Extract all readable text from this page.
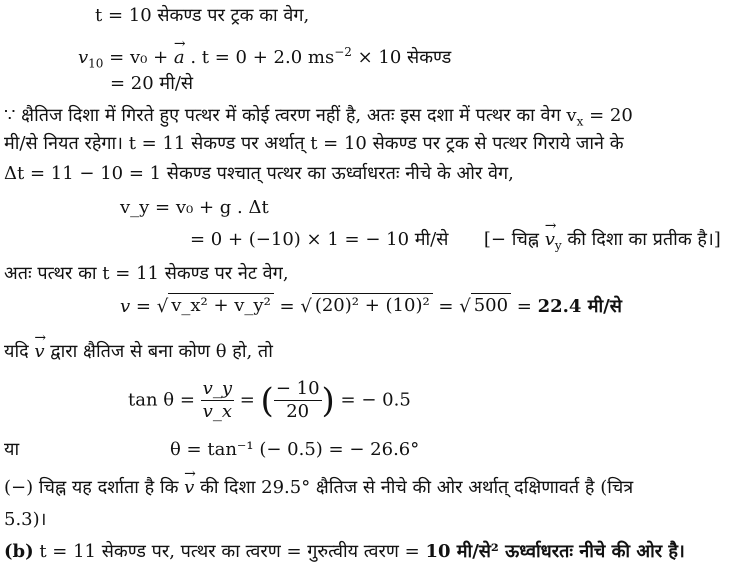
t = 10 सेकण्ड पर ट्रक का वेग,
$v_{10} = v_0$ + → a . t = 0 + 2.0 $ms^{-2} \times 10$ सेकण्ड
= 20 मी/से
∵ क्षैतिज दिशा में गिरते हुए पत्थर में कोई त्वरण नहीं है, अतः इस दशा में पत्थर का वेग $v_x = 20$
मी/से नियत रहेगा। t = 11 सेकण्ड पर अर्थात् t = 10 सेकण्ड पर ट्रक से पत्थर गिराये जाने के
Δt = 11 − 10 = 1 सेकण्ड पश्चात् पत्थर का ऊर्ध्वाधरतः नीचे के ओर वेग,
v_y = v₀ + g . Δt
= 0 + (−10) × 1 = − 10 मी/से [− चिह्न → $v_y$ की दिशा का प्रतीक है।]
अतः पत्थर का t = 11 सेकण्ड पर नेट वेग,
v = √ v_x² + v_y² = √ (20)² + (10)² = √ 500 = 22.4 मी/से
यदि → v द्वारा क्षैतिज से बना कोण θ हो, तो
$\tan \theta = \frac{v\_y}{v\_x}$ = ( $\frac{- 10}{20}$ ) = − 0.5
या	θ = tan⁻¹ (− 0.5) = − 26.6°
(−) चिह्न यह दर्शाता है कि → v की दिशा 29.5° क्षैतिज से नीचे की ओर अर्थात् दक्षिणावर्त है (चित्र
5.3)।
(b) t = 11 सेकण्ड पर, पत्थर का त्वरण = गुरुत्वीय त्वरण = 10 मी/से² ऊर्ध्वाधरतः नीचे की ओर है।
